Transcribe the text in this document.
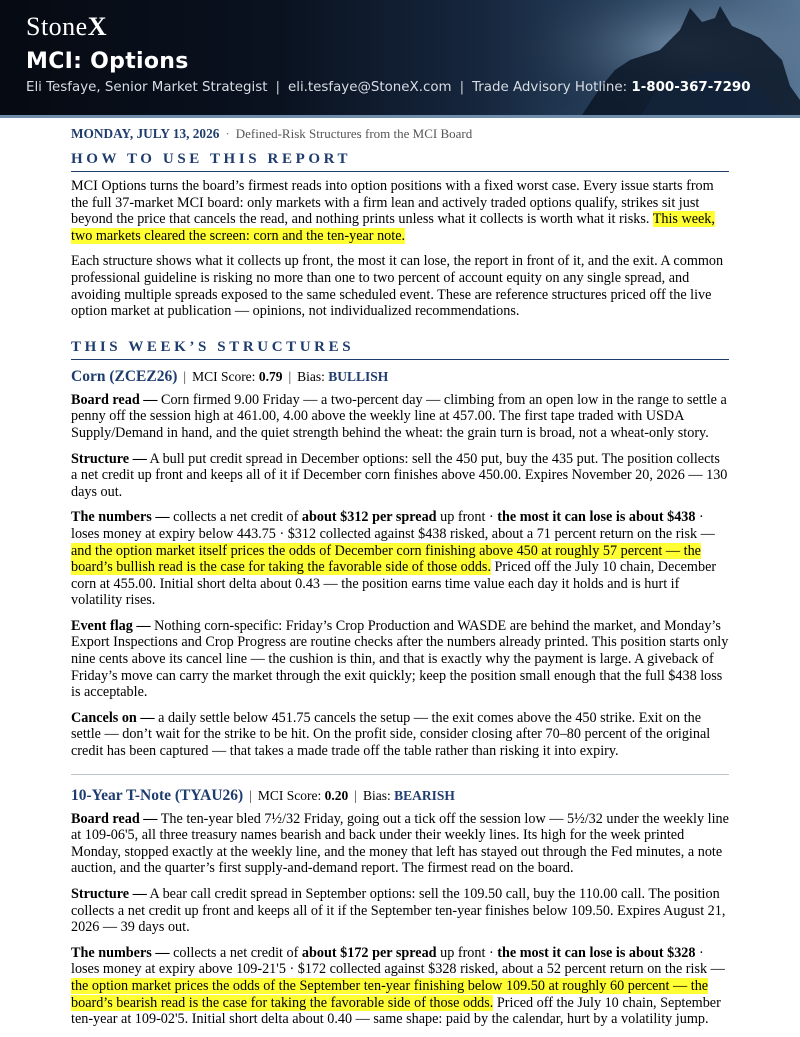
StoneX
MCI: Options
Eli Tesfaye, Senior Market Strategist | eli.tesfaye@StoneX.com | Trade Advisory Hotline: 1-800-367-7290
MONDAY, JULY 13, 2026 · Defined-Risk Structures from the MCI Board
HOW TO USE THIS REPORT

MCI Options turns the board’s firmest reads into option positions with a fixed worst case. Every issue starts from the full 37-market MCI board: only markets with a firm lean and actively traded options qualify, strikes sit just beyond the price that cancels the read, and nothing prints unless what it collects is worth what it risks. This week, two markets cleared the screen: corn and the ten-year note.

Each structure shows what it collects up front, the most it can lose, the report in front of it, and the exit. A common professional guideline is risking no more than one to two percent of account equity on any single spread, and avoiding multiple spreads exposed to the same scheduled event. These are reference structures priced off the live option market at publication — opinions, not individualized recommendations.

THIS WEEK’S STRUCTURES
Corn (ZCEZ26) | MCI Score: 0.79 | Bias: BULLISH

Board read — Corn firmed 9.00 Friday — a two-percent day — climbing from an open low in the range to settle a penny off the session high at 461.00, 4.00 above the weekly line at 457.00. The first tape traded with USDA Supply/Demand in hand, and the quiet strength behind the wheat: the grain turn is broad, not a wheat-only story.

Structure — A bull put credit spread in December options: sell the 450 put, buy the 435 put. The position collects a net credit up front and keeps all of it if December corn finishes above 450.00. Expires November 20, 2026 — 130 days out.

The numbers — collects a net credit of about $312 per spread up front · the most it can lose is about $438 · loses money at expiry below 443.75 · $312 collected against $438 risked, about a 71 percent return on the risk — and the option market itself prices the odds of December corn finishing above 450 at roughly 57 percent — the board’s bullish read is the case for taking the favorable side of those odds. Priced off the July 10 chain, December corn at 455.00. Initial short delta about 0.43 — the position earns time value each day it holds and is hurt if volatility rises.

Event flag — Nothing corn-specific: Friday’s Crop Production and WASDE are behind the market, and Monday’s Export Inspections and Crop Progress are routine checks after the numbers already printed. This position starts only nine cents above its cancel line — the cushion is thin, and that is exactly why the payment is large. A giveback of Friday’s move can carry the market through the exit quickly; keep the position small enough that the full $438 loss is acceptable.

Cancels on — a daily settle below 451.75 cancels the setup — the exit comes above the 450 strike. Exit on the settle — don’t wait for the strike to be hit. On the profit side, consider closing after 70–80 percent of the original credit has been captured — that takes a made trade off the table rather than risking it into expiry.

10-Year T-Note (TYAU26) | MCI Score: 0.20 | Bias: BEARISH

Board read — The ten-year bled 7½/32 Friday, going out a tick off the session low — 5½/32 under the weekly line at 109-06'5, all three treasury names bearish and back under their weekly lines. Its high for the week printed Monday, stopped exactly at the weekly line, and the money that left has stayed out through the Fed minutes, a note auction, and the quarter’s first supply-and-demand report. The firmest read on the board.

Structure — A bear call credit spread in September options: sell the 109.50 call, buy the 110.00 call. The position collects a net credit up front and keeps all of it if the September ten-year finishes below 109.50. Expires August 21, 2026 — 39 days out.

The numbers — collects a net credit of about $172 per spread up front · the most it can lose is about $328 · loses money at expiry above 109-21'5 · $172 collected against $328 risked, about a 52 percent return on the risk — the option market prices the odds of the September ten-year finishing below 109.50 at roughly 60 percent — the board’s bearish read is the case for taking the favorable side of those odds. Priced off the July 10 chain, September ten-year at 109-02'5. Initial short delta about 0.40 — same shape: paid by the calendar, hurt by a volatility jump.
